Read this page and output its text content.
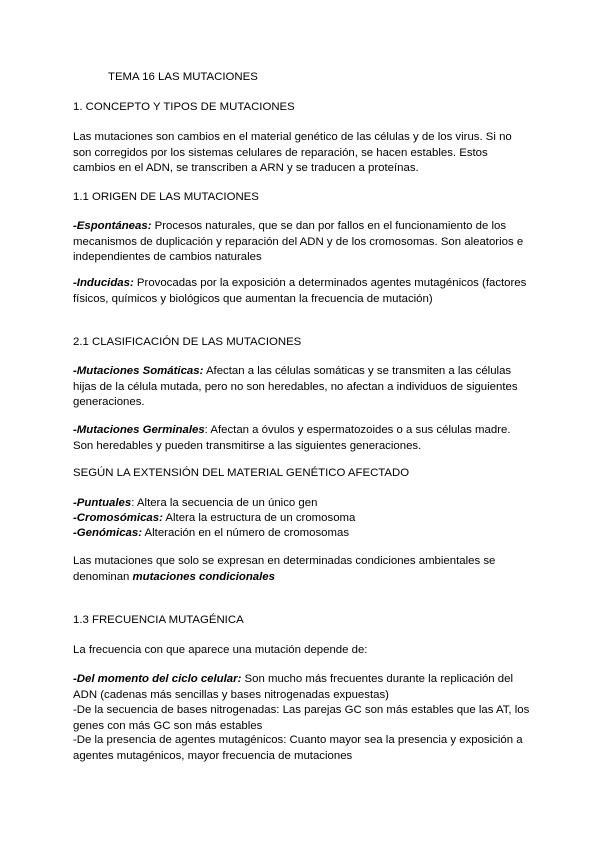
TEMA 16 LAS MUTACIONES

1. CONCEPTO Y TIPOS DE MUTACIONES

Las mutaciones son cambios en el material genético de las células y de los virus. Si no son corregidos por los sistemas celulares de reparación, se hacen estables. Estos cambios en el ADN, se transcriben a ARN y se traducen a proteínas.

1.1 ORIGEN DE LAS MUTACIONES

-Espontáneas: Procesos naturales, que se dan por fallos en el funcionamiento de los mecanismos de duplicación y reparación del ADN y de los cromosomas. Son aleatorios e independientes de cambios naturales

-Inducidas: Provocadas por la exposición a determinados agentes mutagénicos (factores físicos, químicos y biológicos que aumentan la frecuencia de mutación)

2.1 CLASIFICACIÓN DE LAS MUTACIONES

-Mutaciones Somáticas: Afectan a las células somáticas y se transmiten a las células hijas de la célula mutada, pero no son heredables, no afectan a individuos de siguientes generaciones.

-Mutaciones Germinales: Afectan a óvulos y espermatozoides o a sus células madre. Son heredables y pueden transmitirse a las siguientes generaciones.

SEGÚN LA EXTENSIÓN DEL MATERIAL GENÉTICO AFECTADO

-Puntuales: Altera la secuencia de un único gen

-Cromosómicas: Altera la estructura de un cromosoma

-Genómicas: Alteración en el número de cromosomas

Las mutaciones que solo se expresan en determinadas condiciones ambientales se denominan mutaciones condicionales

1.3 FRECUENCIA MUTAGÉNICA

La frecuencia con que aparece una mutación depende de:

-Del momento del ciclo celular: Son mucho más frecuentes durante la replicación del ADN (cadenas más sencillas y bases nitrogenadas expuestas)

-De la secuencia de bases nitrogenadas: Las parejas GC son más estables que las AT, los genes con más GC son más estables

-De la presencia de agentes mutagénicos: Cuanto mayor sea la presencia y exposición a agentes mutagénicos, mayor frecuencia de mutaciones
